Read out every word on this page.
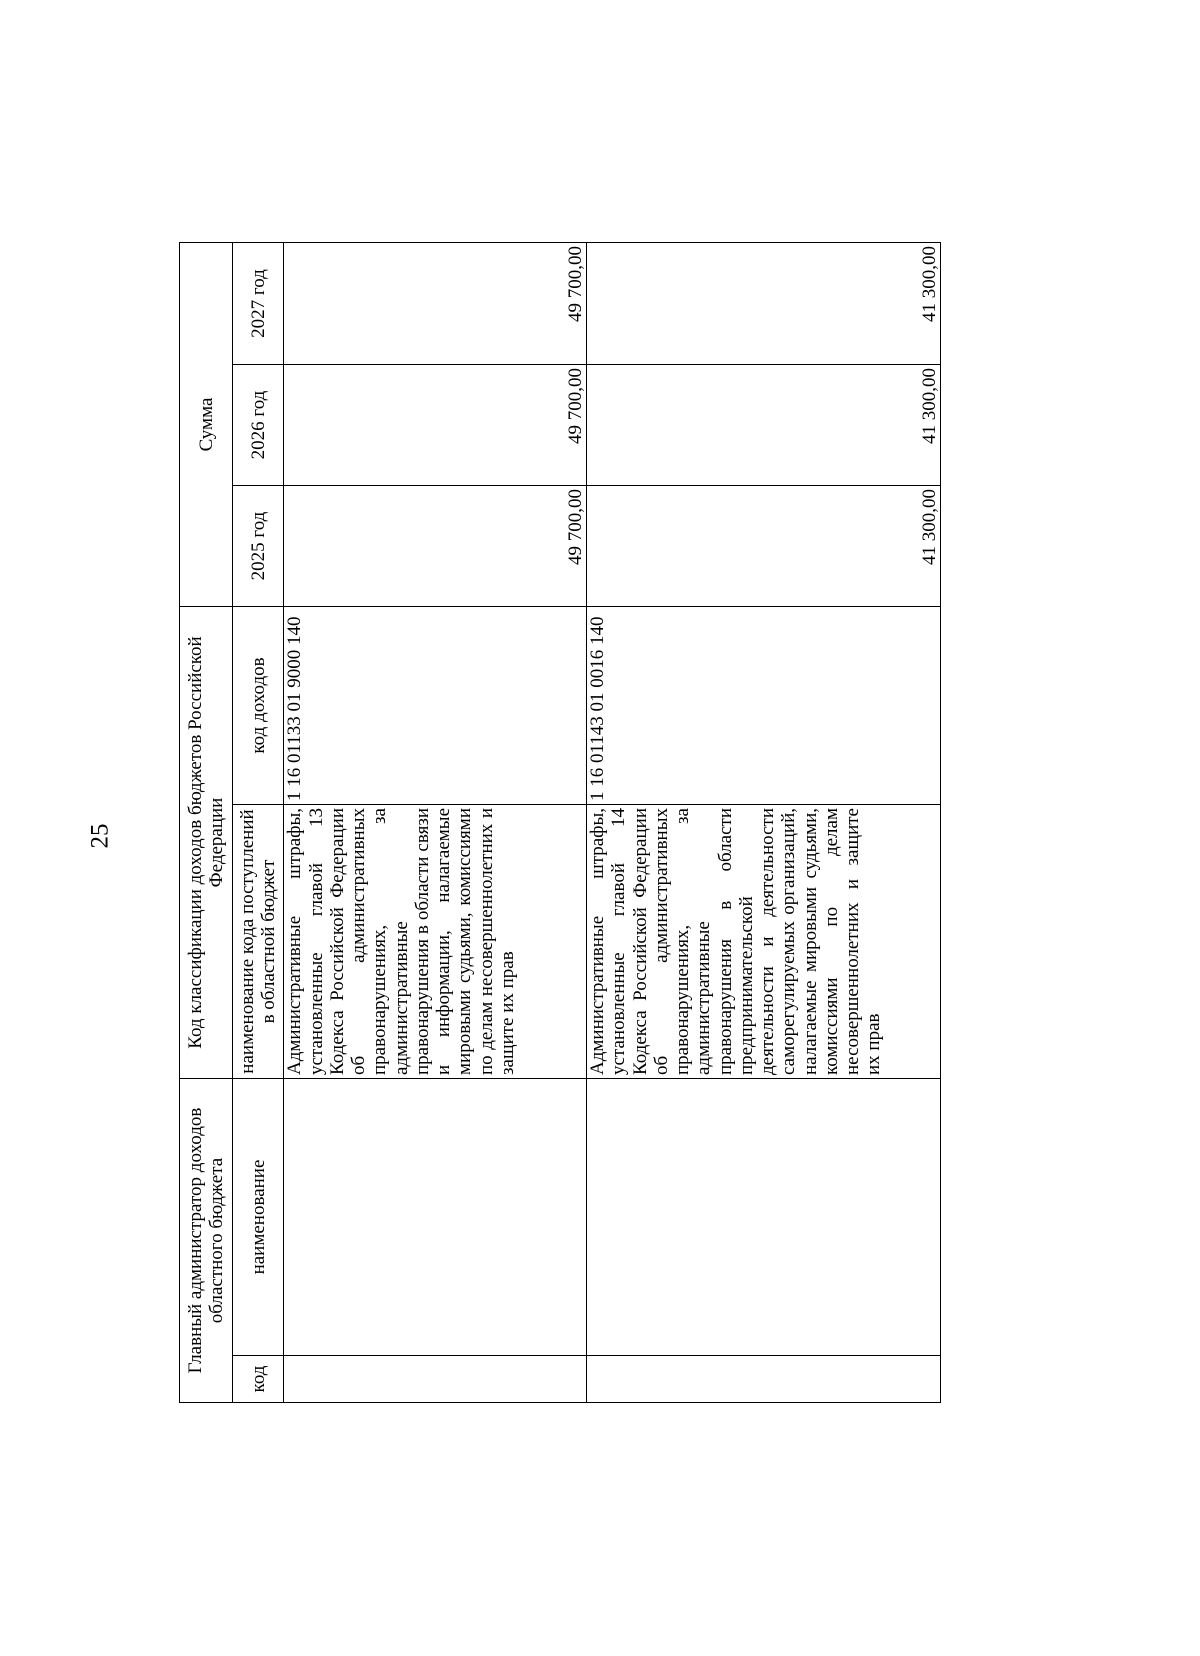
25
Главный администратор доходов областного бюджета		Код классификации доходов бюджетов Российской Федерации		Сумма		
код	наименование	наименование кода поступлений в областной бюджет	код доходов	2025 год	2026 год	2027 год
		Административные штрафы, установленные главой 13 Кодекса Российской Федерации об административных правонарушениях, за административные правонарушения в области связи и информации, налагаемые мировыми судьями, комиссиями по делам несовершеннолетних и защите их прав	1 16 01133 01 9000 140	49 700,00	49 700,00	49 700,00
		Административные штрафы, установленные главой 14 Кодекса Российской Федерации об административных правонарушениях, за административные правонарушения в области предпринимательской деятельности и деятельности саморегулируемых организаций, налагаемые мировыми судьями, комиссиями по делам несовершеннолетних и защите их прав	1 16 01143 01 0016 140	41 300,00	41 300,00	41 300,00
